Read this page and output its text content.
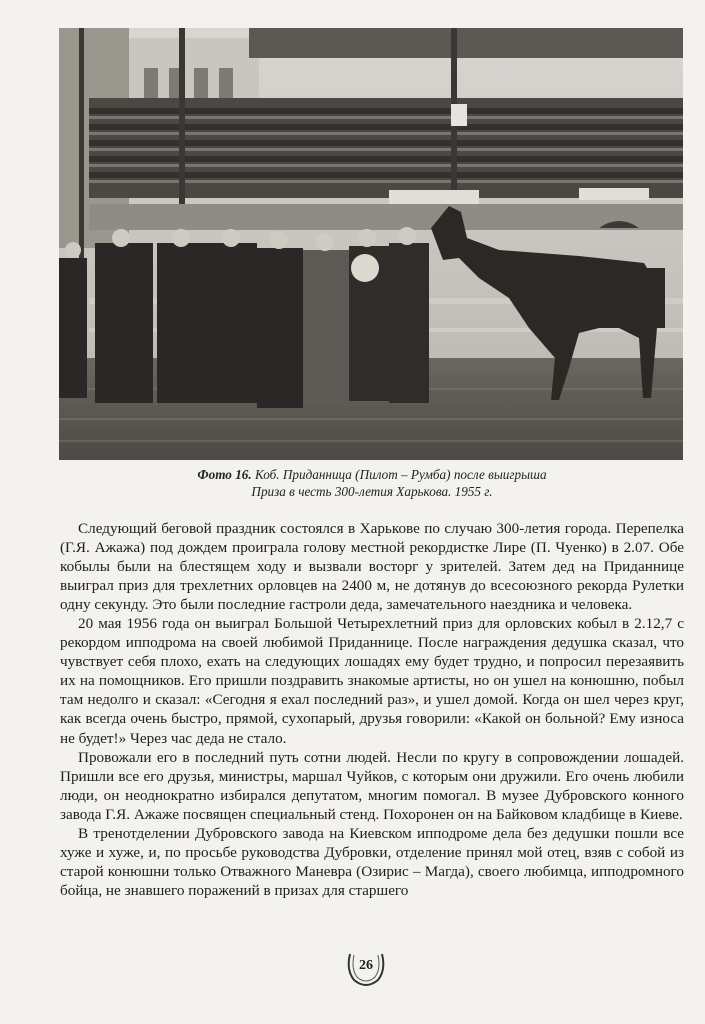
Фото 16. Коб. Приданница (Пилот – Румба) после выигрыша
Приза в честь 300-летия Харькова. 1955 г.

Следующий беговой праздник состоялся в Харькове по случаю 300-летия города. Перепелка (Г.Я. Ажажа) под дождем проиграла голову местной рекордистке Лире (П. Чуенко) в 2.07. Обе кобылы были на блестящем ходу и вызвали восторг у зрителей. Затем дед на Приданнице выиграл приз для трехлетних орловцев на 2400 м, не дотянув до всесоюзного рекорда Рулетки одну секунду. Это были последние гастроли деда, замечательного наездника и человека.

20 мая 1956 года он выиграл Большой Четырехлетний приз для орловских кобыл в 2.12,7 с рекордом ипподрома на своей любимой Приданнице. После награждения дедушка сказал, что чувствует себя плохо, ехать на следующих лошадях ему будет трудно, и попросил перезаявить их на помощников. Его пришли поздравить знакомые артисты, но он ушел на конюшню, побыл там недолго и сказал: «Сегодня я ехал последний раз», и ушел домой. Когда он шел через круг, как всегда очень быстро, прямой, сухопарый, друзья говорили: «Какой он больной? Ему износа не будет!» Через час деда не стало.

Провожали его в последний путь сотни людей. Несли по кругу в сопровождении лошадей. Пришли все его друзья, министры, маршал Чуйков, с которым они дружили. Его очень любили люди, он неоднократно избирался депутатом, многим помогал. В музее Дубровского конного завода Г.Я. Ажаже посвящен специальный стенд. Похоронен он на Байковом кладбище в Киеве.

В тренотделении Дубровского завода на Киевском ипподроме дела без дедушки пошли все хуже и хуже, и, по просьбе руководства Дубровки, отделение принял мой отец, взяв с собой из старой конюшни только Отважного Маневра (Озирис – Магда), своего любимца, ипподромного бойца, не знавшего поражений в призах для старшего

26
